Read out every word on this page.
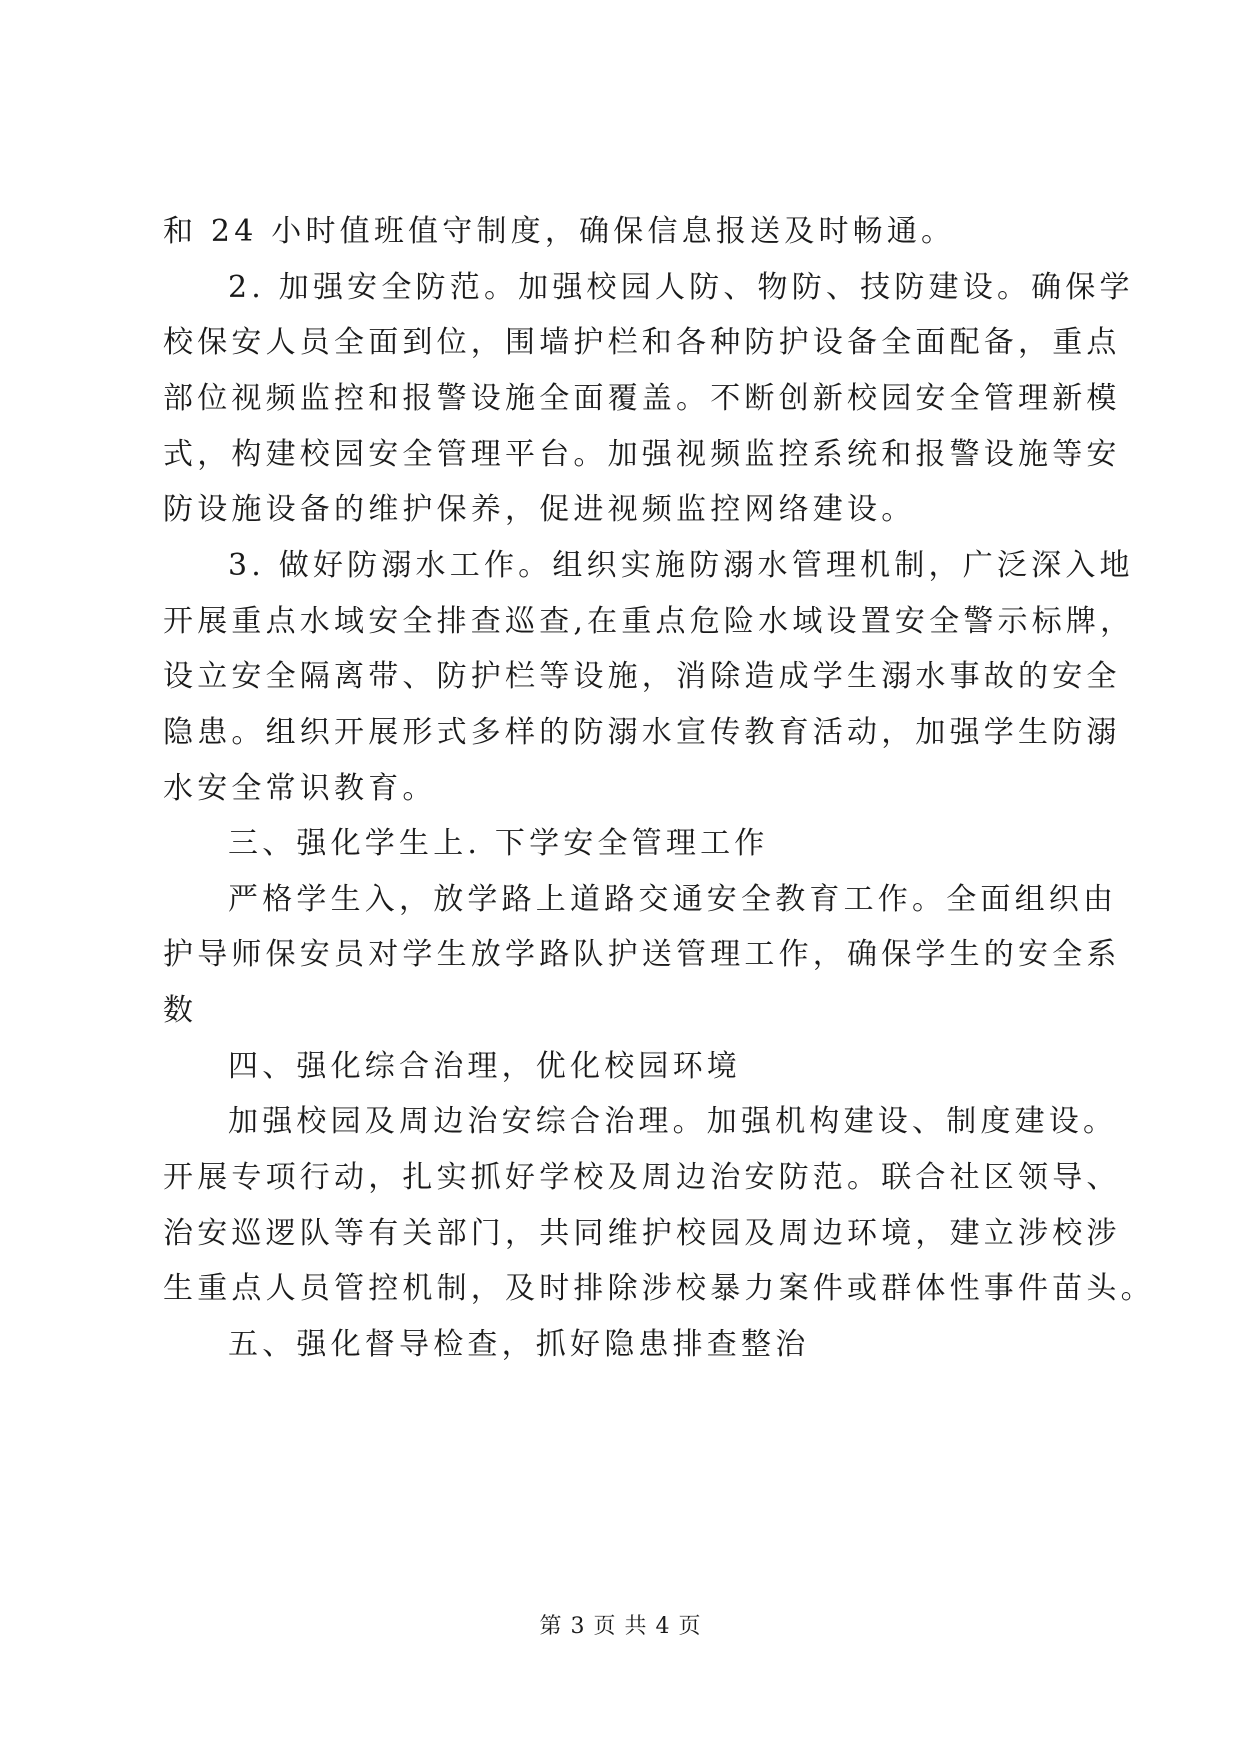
和 24 小时值班值守制度，确保信息报送及时畅通。
2. 加强安全防范。加强校园人防、物防、技防建设。确保学
校保安人员全面到位，围墙护栏和各种防护设备全面配备，重点
部位视频监控和报警设施全面覆盖。不断创新校园安全管理新模
式，构建校园安全管理平台。加强视频监控系统和报警设施等安
防设施设备的维护保养，促进视频监控网络建设。
3. 做好防溺水工作。组织实施防溺水管理机制，广泛深入地
开展重点水域安全排查巡查,在重点危险水域设置安全警示标牌，
设立安全隔离带、防护栏等设施，消除造成学生溺水事故的安全
隐患。组织开展形式多样的防溺水宣传教育活动，加强学生防溺
水安全常识教育。
三、强化学生上. 下学安全管理工作
严格学生入，放学路上道路交通安全教育工作。全面组织由
护导师保安员对学生放学路队护送管理工作，确保学生的安全系
数
四、强化综合治理，优化校园环境
加强校园及周边治安综合治理。加强机构建设、制度建设。
开展专项行动，扎实抓好学校及周边治安防范。联合社区领导、
治安巡逻队等有关部门，共同维护校园及周边环境，建立涉校涉
生重点人员管控机制，及时排除涉校暴力案件或群体性事件苗头。
五、强化督导检查，抓好隐患排查整治
第 3 页 共 4 页
